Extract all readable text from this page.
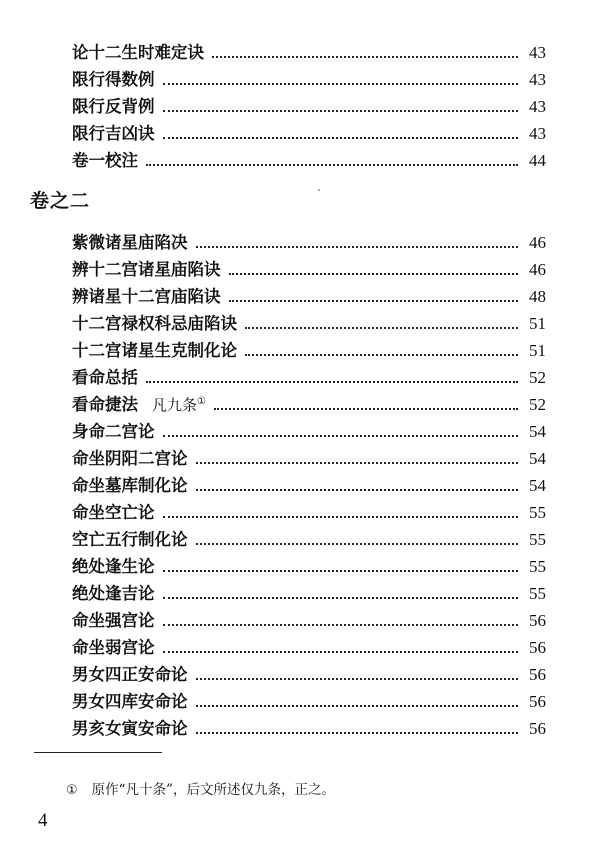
论十二生时难定诀	43
限行得数例	43
限行反背例	43
限行吉凶诀	43
卷一校注	44
卷之二
紫微诸星庙陷决	46
辨十二宫诸星庙陷诀	46
辨诸星十二宫庙陷诀	48
十二宫禄权科忌庙陷诀	51
十二宫诸星生克制化论	51
看命总括	52
看命捷法 凡九条①	52
身命二宫论	54
命坐阴阳二宫论	54
命坐墓库制化论	54
命坐空亡论	55
空亡五行制化论	55
绝处逢生论	55
绝处逢吉论	55
命坐强宫论	56
命坐弱宫论	56
男女四正安命论	56
男女四库安命论	56
男亥女寅安命论	56
① 原作“凡十条”，后文所述仅九条，正之。
4
